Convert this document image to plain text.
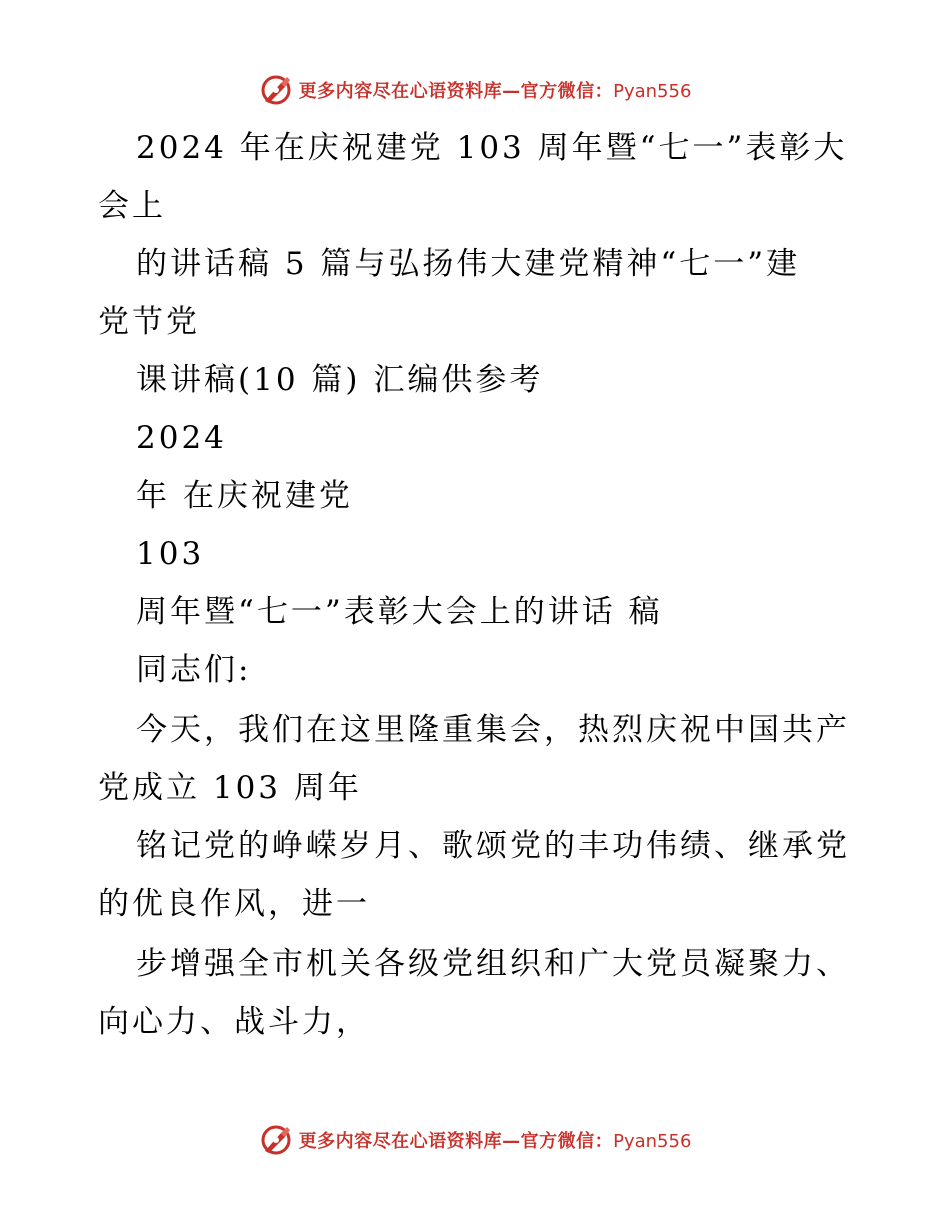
更多内容尽在心语资料库—官方微信：Pyan556
2024 年在庆祝建党 103 周年暨“七一”表彰大
会上
的讲话稿 5 篇与弘扬伟大建党精神“七一”建
党节党
课讲稿(10 篇) 汇编供参考
2024
年 在庆祝建党
103
周年暨“七一”表彰大会上的讲话 稿
同志们:
今天，我们在这里隆重集会，热烈庆祝中国共产
党成立 103 周年
铭记党的峥嵘岁月、歌颂党的丰功伟绩、继承党
的优良作风，进一
步增强全市机关各级党组织和广大党员凝聚力、
向心力、战斗力，
更多内容尽在心语资料库—官方微信：Pyan556
